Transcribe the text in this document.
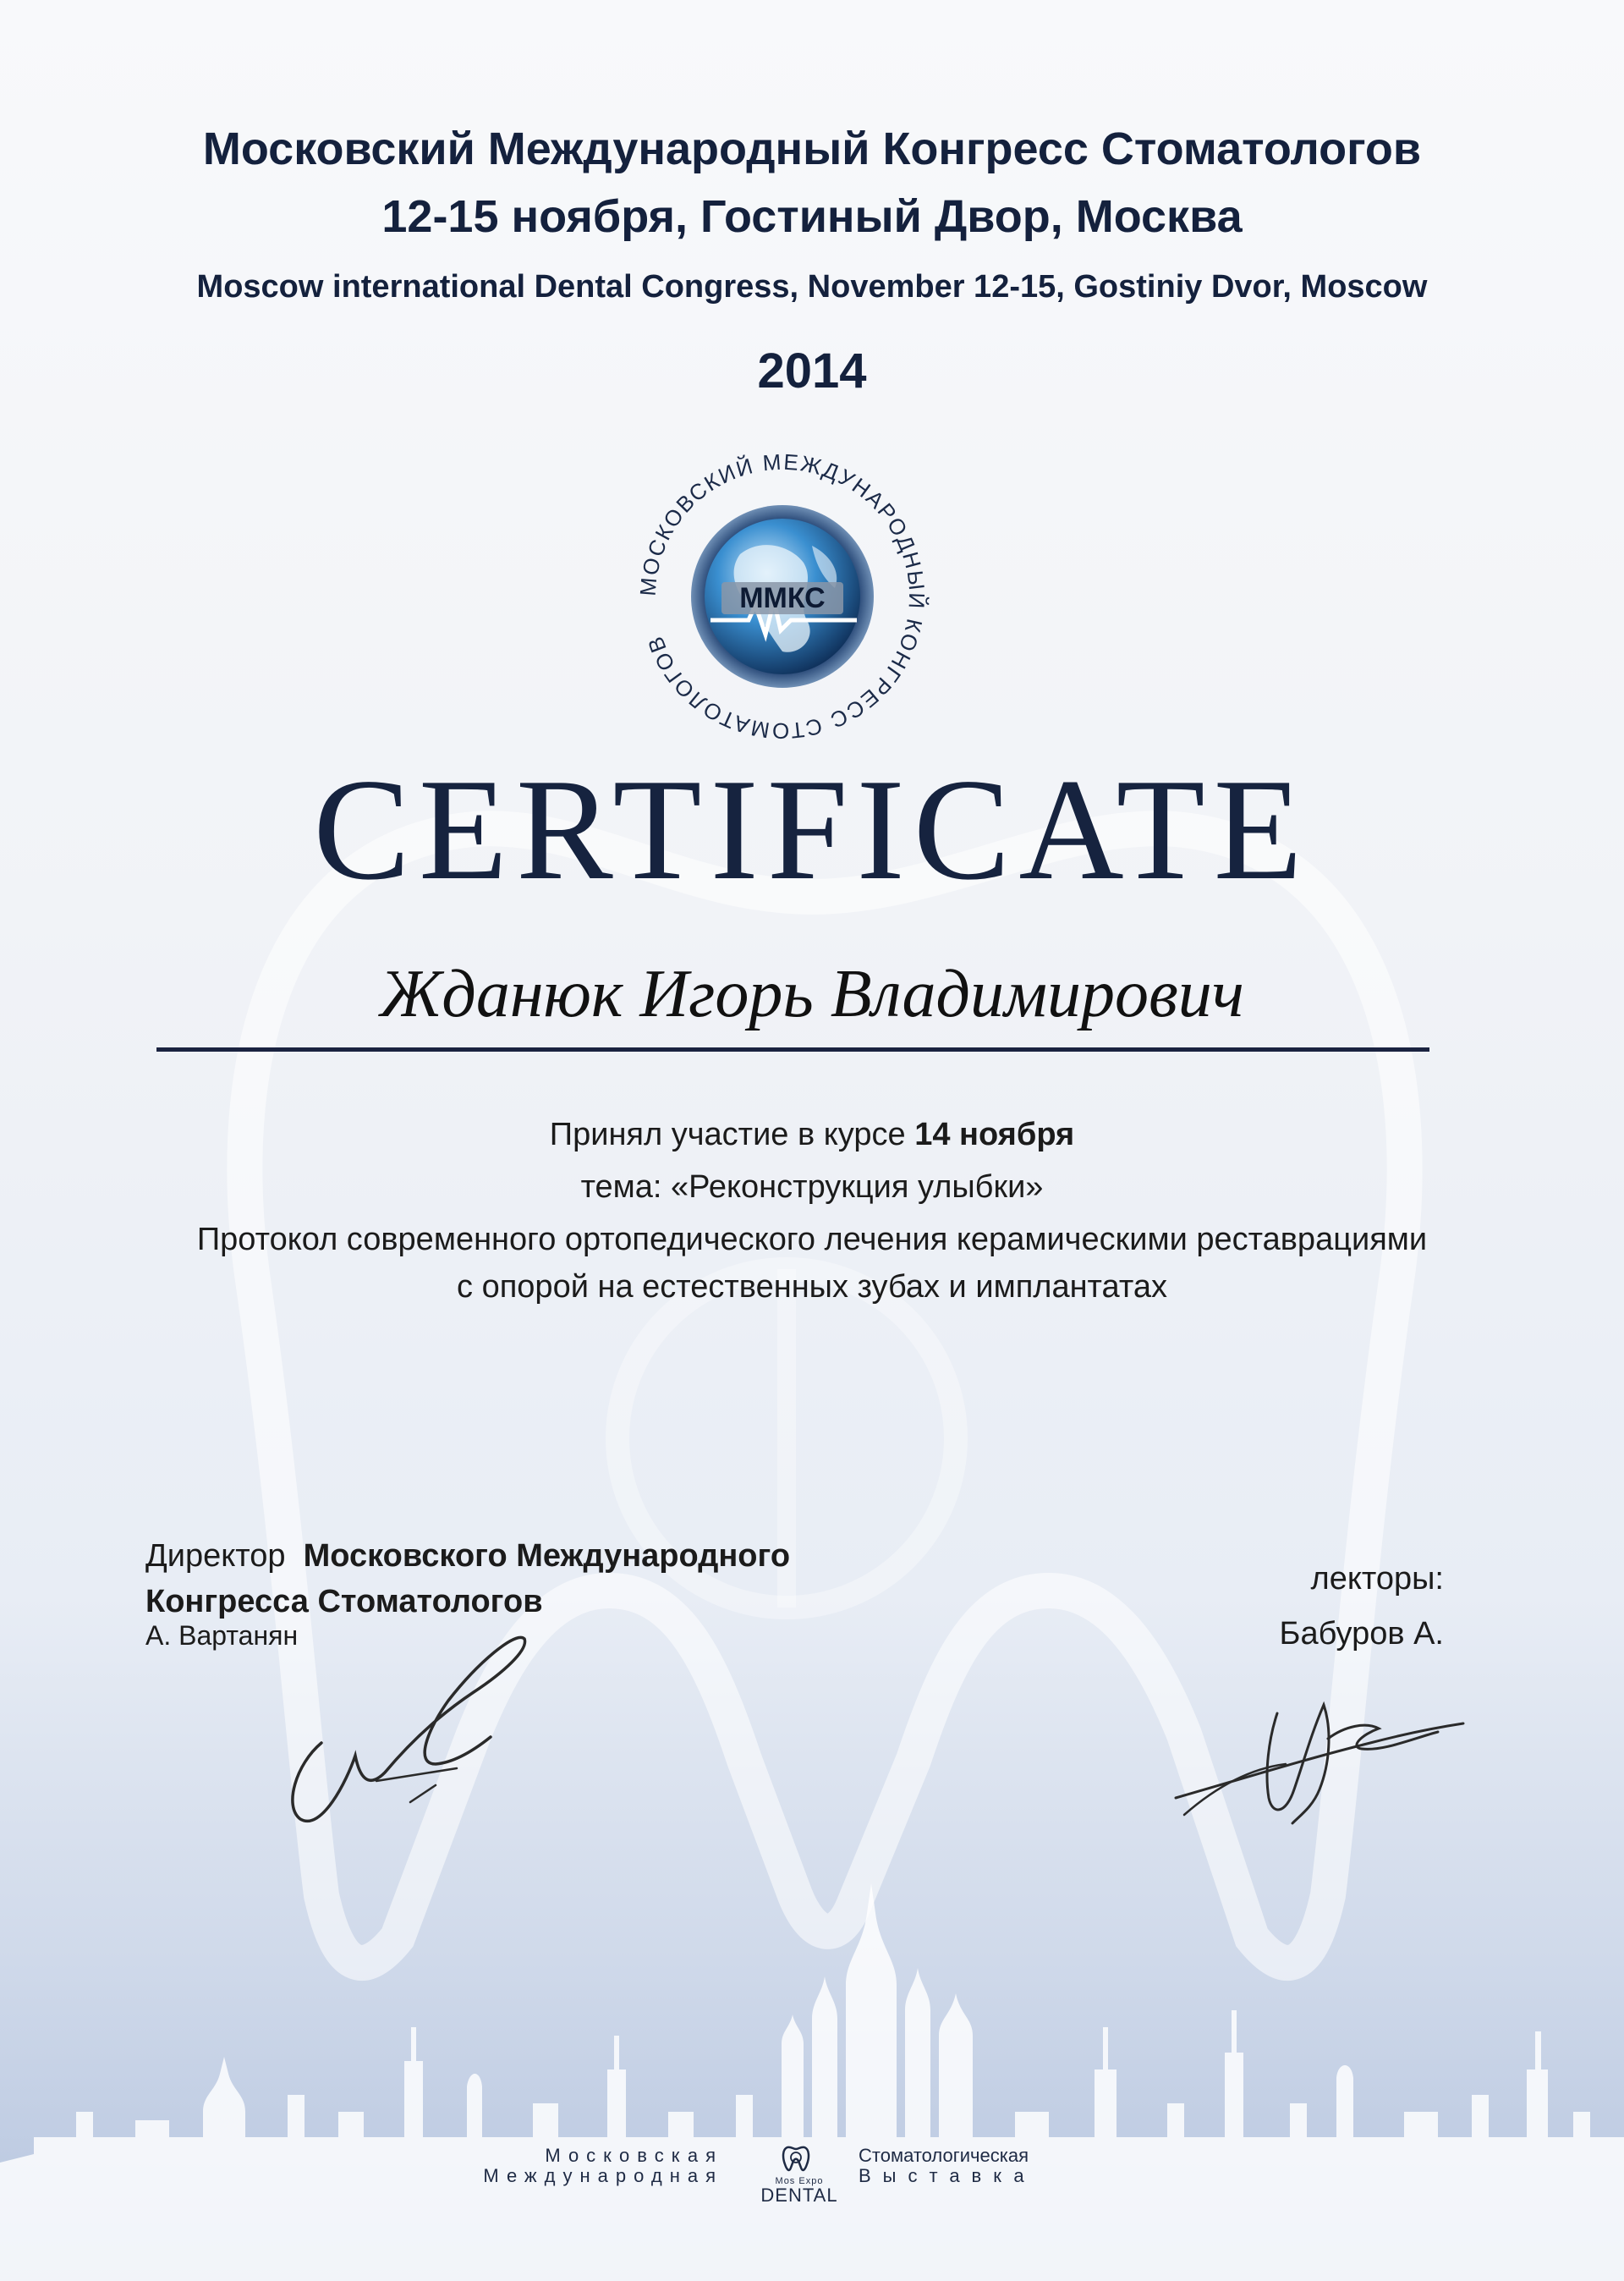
Московский Международный Конгресс Стоматологов
12-15 ноября, Гостиный Двор, Москва
Moscow international Dental Congress, November 12-15, Gostiniy Dvor, Moscow
2014
МОСКОВСКИЙ МЕЖДУНАРОДНЫЙ КОНГРЕСС СТОМАТОЛОГОВ
ММКС
CERTIFICATE
Жданюк Игорь Владимирович
Принял участие в курсе 14 ноября
тема: «Реконструкция улыбки»
Протокол современного ортопедического лечения керамическими реставрациями
с опорой на естественных зубах и имплантатах
Директор Московского Международного
Конгресса Стоматологов
А. Вартанян
лекторы:
Бабуров А.
Московская
Международная	Mos Expo
DENTAL
Стоматологическая
Выставка
